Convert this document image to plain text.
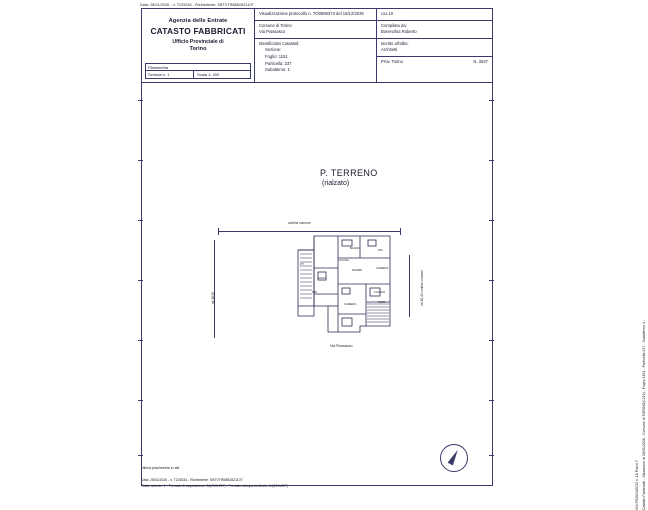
Data: 28/01/2026 - n. T225334 - Richiedente: SBTVTR68B28Z110T
Agenzia delle Entrate
CATASTO FABBRICATI
Ufficio Provinciale di
Torino
Planimetria
Scheda n. 1	Scala 1: 200
Visualizzazione protocollo n. TO0595373 del 19/12/2025
Comune di Torino
Via Piossasco
Identificativi Catastali:
Sezione:
Foglio: 1151
Particella: 237
Subalterno: 1
cxx.10
Compilata da:
Bovenzhia Roberto
Iscritto all'albo:
Architetti
Prov. Torino	N. 3047
P. TERRENO
(rialzato)
confine comune
mt 18,55	mt 10,40 confine comune
Via Piossasco
BAGNO
CUCINA
WC
DISIMP.	CAMERA
SOGG.
RIP.
CAMERA
LOGGIA
INGR.
P.T.
Catasto Fabbricati - Situazione al 28/01/2026 - Comune di TORINO(L219) - Foglio 1151 - Particella 237 - Subalterno 1 -
VIA PIOSSASCO n. 18 Piano T
Ultima planimetria in atti
Data: 28/01/2026 - n. T225334 - Richiedente: SBTVTR68B28Z110T
Totale schede: 1 - Formato di acquisizione: A4(210x297) - Formato stampa richiesto: A4(210x297)
